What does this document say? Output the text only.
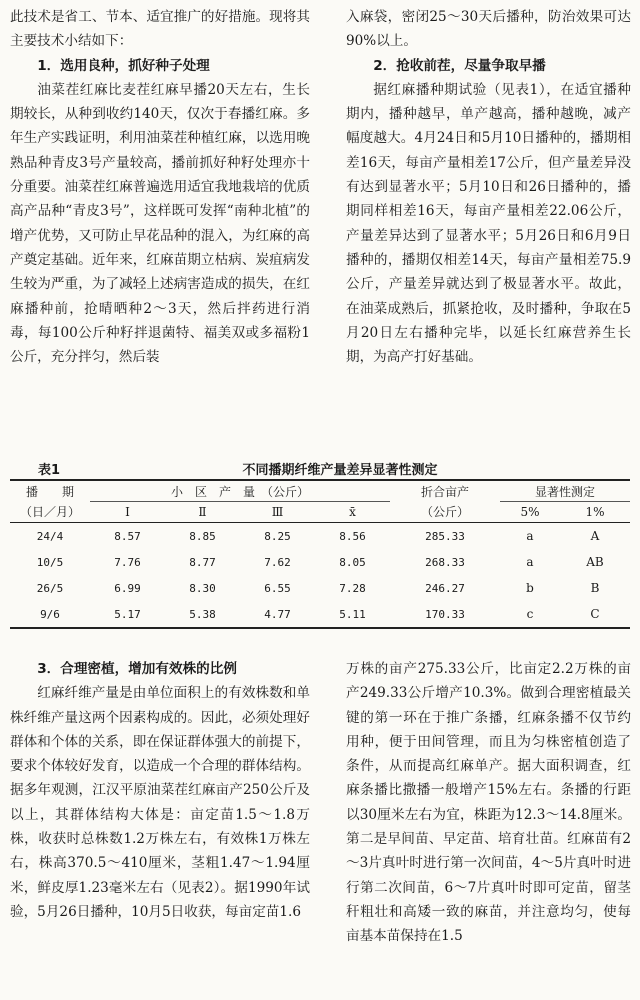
此技术是省工、节本、适宜推广的好措施。现将其主要技术小结如下：

1．选用良种，抓好种子处理

油菜茬红麻比麦茬红麻早播20天左右，生长期较长，从种到收约140天，仅次于春播红麻。多年生产实践证明，利用油菜茬种植红麻，以选用晚熟品种青皮3号产量较高，播前抓好种籽处理亦十分重要。油菜茬红麻普遍选用适宜我地栽培的优质高产品种“青皮3号”，这样既可发挥“南种北植”的增产优势，又可防止早花品种的混入，为红麻的高产奠定基础。近年来，红麻苗期立枯病、炭疽病发生较为严重，为了减轻上述病害造成的损失，在红麻播种前，抢晴晒种2～3天，然后拌药进行消毒，每100公斤种籽拌退菌特、福美双或多福粉1公斤，充分拌匀，然后装

入麻袋，密闭25～30天后播种，防治效果可达90%以上。

2．抢收前茬，尽量争取早播

据红麻播种期试验（见表1），在适宜播种期内，播种越早，单产越高，播种越晚，减产幅度越大。4月24日和5月10日播种的，播期相差16天，每亩产量相差17公斤，但产量差异没有达到显著水平；5月10日和26日播种的，播期同样相差16天，每亩产量相差22.06公斤，产量差异达到了显著水平；5月26日和6月9日播种的，播期仅相差14天，每亩产量相差75.9公斤，产量差异就达到了极显著水平。故此，在油菜成熟后，抓紧抢收，及时播种，争取在5月20日左右播种完毕，以延长红麻营养生长期，为高产打好基础。

表1	不同播期纤维产量差异显著性测定
播　　期	小　区　产　量　（公斤）				折合亩产	显著性测定	
（日／月）	Ⅰ	Ⅱ	Ⅲ	x̄	（公斤）	5%	1%
24/4	8.57	8.85	8.25	8.56	285.33	a	A
10/5	7.76	8.77	7.62	8.05	268.33	a	AB
26/5	6.99	8.30	6.55	7.28	246.27	b	B
9/6	5.17	5.38	4.77	5.11	170.33	c	C

3．合理密植，增加有效株的比例

红麻纤维产量是由单位面积上的有效株数和单株纤维产量这两个因素构成的。因此，必须处理好群体和个体的关系，即在保证群体强大的前提下，要求个体较好发育，以造成一个合理的群体结构。据多年观测，江汉平原油菜茬红麻亩产250公斤及以上，其群体结构大体是：亩定苗1.5～1.8万株，收获时总株数1.2万株左右，有效株1万株左右，株高370.5～410厘米，茎粗1.47～1.94厘米，鲜皮厚1.23毫米左右（见表2）。据1990年试验，5月26日播种，10月5日收获，每亩定苗1.6

万株的亩产275.33公斤，比亩定2.2万株的亩产249.33公斤增产10.3%。做到合理密植最关键的第一环在于推广条播，红麻条播不仅节约用种，便于田间管理，而且为匀株密植创造了条件，从而提高红麻单产。据大面积调查，红麻条播比撒播一般增产15%左右。条播的行距以30厘米左右为宜，株距为12.3～14.8厘米。第二是早间苗、早定苗、培育壮苗。红麻苗有2～3片真叶时进行第一次间苗，4～5片真叶时进行第二次间苗，6～7片真叶时即可定苗，留茎秆粗壮和高矮一致的麻苗，并注意均匀，使每亩基本苗保持在1.5
